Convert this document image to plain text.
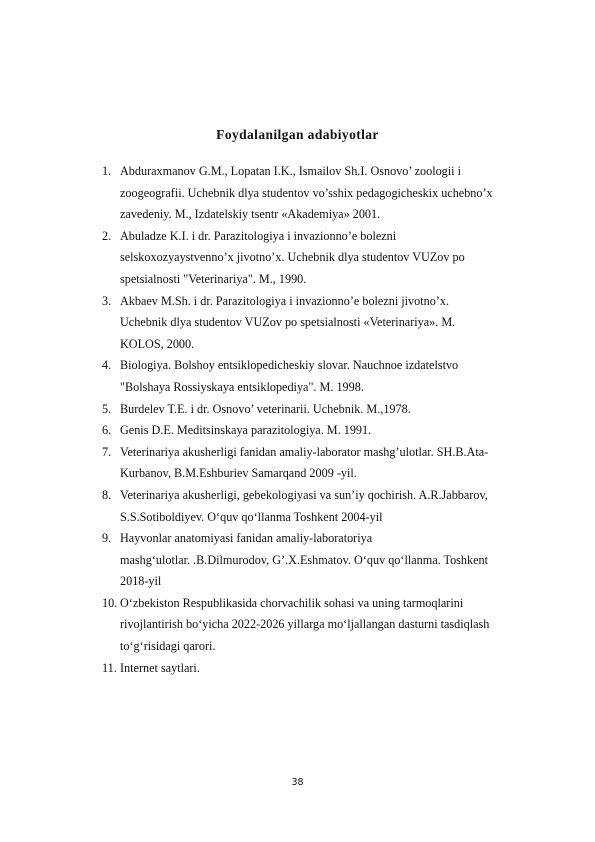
Foydalanilgan adabiyotlar
1. Abduraxmanov G.M., Lopatan I.K., Ismailov Sh.I. Osnovo’ zoologii i
zoogeografii. Uchebnik dlya studentov vo’sshix pedagogicheskix uchebno’x
zavedeniy. M., Izdatelskiy tsentr «Akademiya» 2001.
2. Abuladze K.I. i dr. Parazitologiya i invazionno’e bolezni
selskoxozyaystvenno’x jivotno’x. Uchebnik dlya studentov VUZov po
spetsialnosti "Veterinariya". M., 1990.
3. Akbaev M.Sh. i dr. Parazitologiya i invazionno’e bolezni jivotno’x.
Uchebnik dlya studentov VUZov po spetsialnosti «Veterinariya». M.
KOLOS, 2000.
4. Biologiya. Bolshoy entsiklopedicheskiy slovar. Nauchnoe izdatelstvo
"Bolshaya Rossiyskaya entsiklopediya". M. 1998.
5. Burdelev T.E. i dr. Osnovo’ veterinarii. Uchebnik. M.,1978.
6. Genis D.E. Meditsinskaya parazitologiya. M. 1991.
7. Veterinariya akusherligi fanidan amaliy-laborator mashg’ulotlar. SH.B.Ata-
Kurbanov, B.M.Eshburiev Samarqand 2009 -yil.
8. Veterinariya akusherligi, gebekologiyasi va sun’iy qochirish. A.R.Jabbarov,
S.S.Sotiboldiyev. O‘quv qo‘llanma Toshkent 2004-yil
9. Hayvonlar anatomiyasi fanidan amaliy-laboratoriya
mashg‘ulotlar. .B.Dilmurodov, G’.X.Eshmatov. O‘quv qo‘llanma. Toshkent
2018-yil
10. O‘zbekiston Respublikasida chorvachilik sohasi va uning tarmoqlarini
rivojlantirish bo‘yicha 2022-2026 yillarga mo‘ljallangan dasturni tasdiqlash
to‘g‘risidagi qarori.
11. Internet saytlari.
38
